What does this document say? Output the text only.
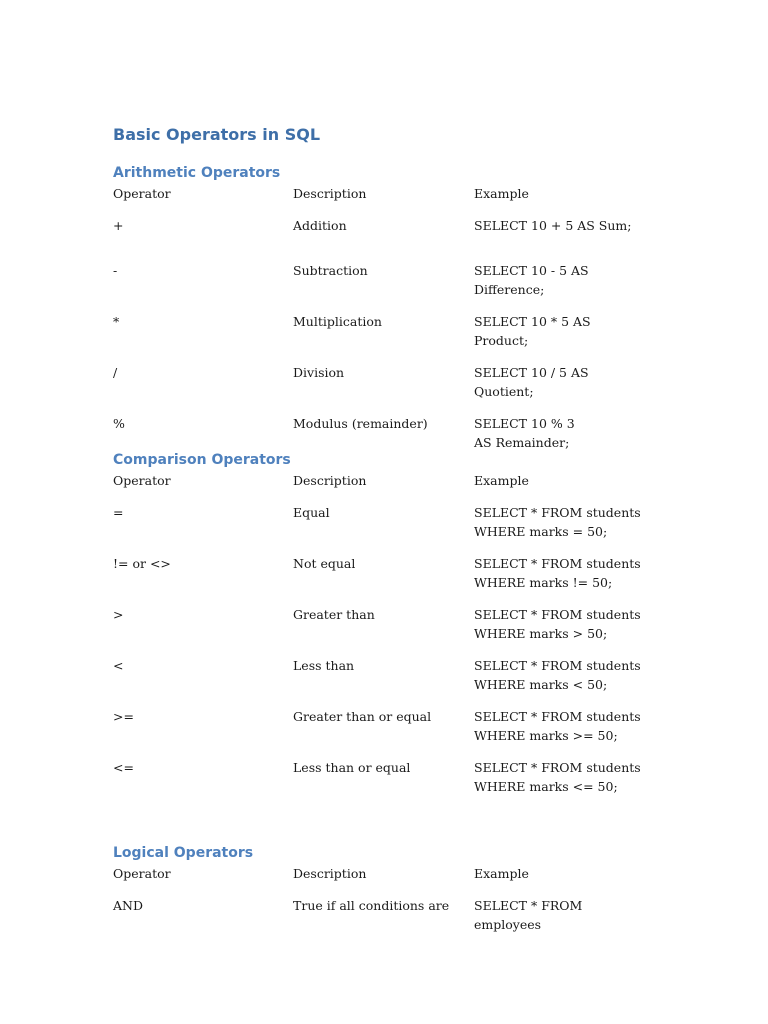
Basic Operators in SQL
Arithmetic Operators
Operator	Description	Example
+	Addition	SELECT 10 + 5 AS Sum;
-	Subtraction	SELECT 10 - 5 AS Difference;
*	Multiplication	SELECT 10 * 5 AS Product;
/	Division	SELECT 10 / 5 AS Quotient;
%	Modulus (remainder)	SELECT 10 % 3 AS Remainder;
Comparison Operators
Operator	Description	Example
=	Equal	SELECT * FROM students WHERE marks = 50;
!= or <>	Not equal	SELECT * FROM students WHERE marks != 50;
>	Greater than	SELECT * FROM students WHERE marks > 50;
<	Less than	SELECT * FROM students WHERE marks < 50;
>=	Greater than or equal	SELECT * FROM students WHERE marks >= 50;
<=	Less than or equal	SELECT * FROM students WHERE marks <= 50;
Logical Operators
Operator	Description	Example
AND	True if all conditions are	SELECT * FROM employees
